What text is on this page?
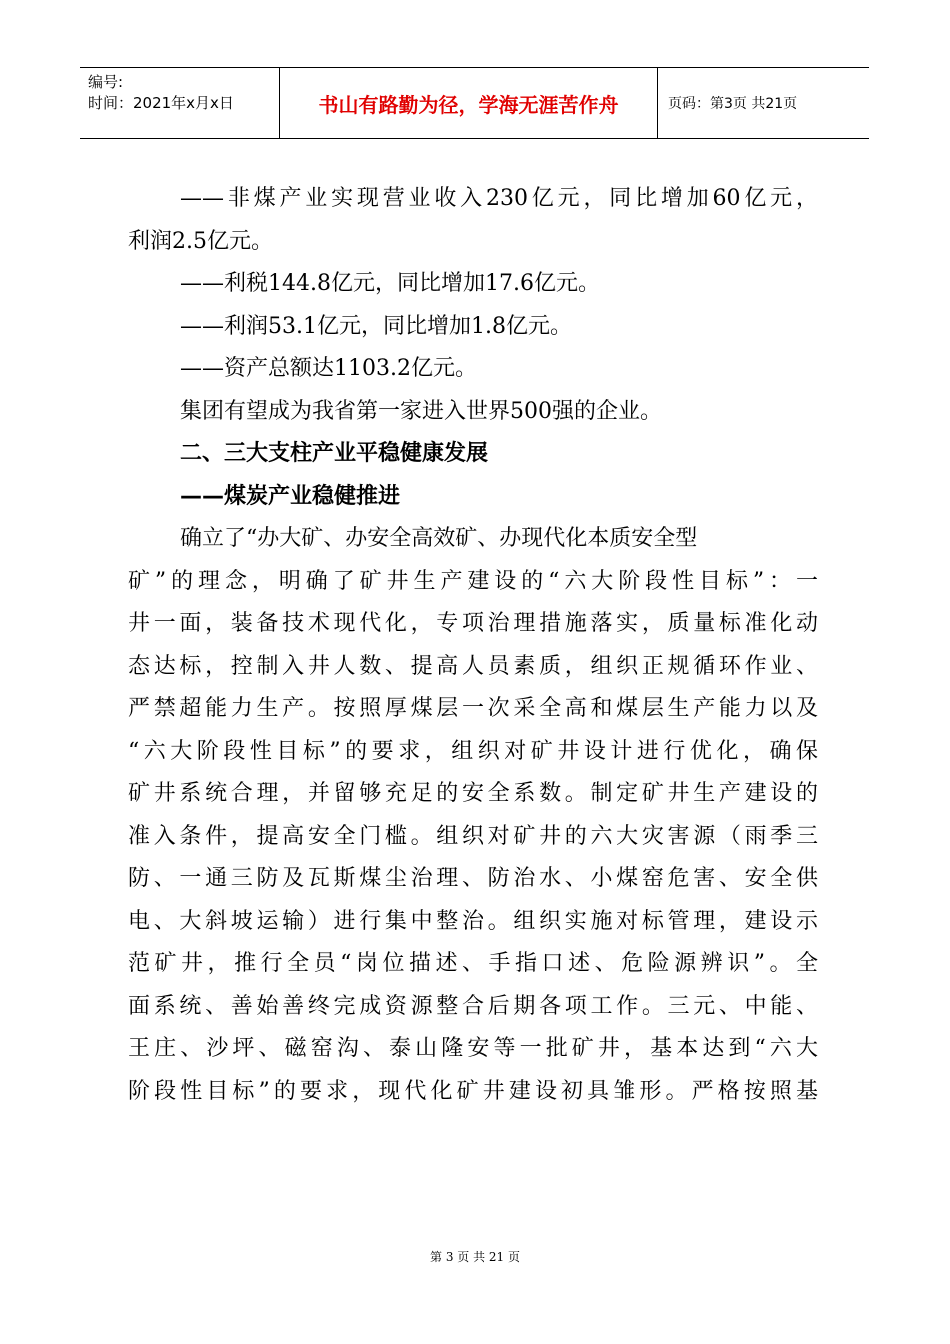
编号:
时间：2021年x月x日	书山有路勤为径，学海无涯苦作舟	页码：第3页 共21页
——非煤产业实现营业收入230亿元，同比增加60亿元，
利润2.5亿元。
——利税144.8亿元，同比增加17.6亿元。
——利润53.1亿元，同比增加1.8亿元。
——资产总额达1103.2亿元。
集团有望成为我省第一家进入世界500强的企业。
二、三大支柱产业平稳健康发展
——煤炭产业稳健推进
确立了“办大矿、办安全高效矿、办现代化本质安全型
矿”的理念，明确了矿井生产建设的“六大阶段性目标”：一
井一面，装备技术现代化，专项治理措施落实，质量标准化动
态达标，控制入井人数、提高人员素质，组织正规循环作业、
严禁超能力生产。按照厚煤层一次采全高和煤层生产能力以及
“六大阶段性目标”的要求，组织对矿井设计进行优化，确保
矿井系统合理，并留够充足的安全系数。制定矿井生产建设的
准入条件，提高安全门槛。组织对矿井的六大灾害源（雨季三
防、一通三防及瓦斯煤尘治理、防治水、小煤窑危害、安全供
电、大斜坡运输）进行集中整治。组织实施对标管理，建设示
范矿井，推行全员“岗位描述、手指口述、危险源辨识”。全
面系统、善始善终完成资源整合后期各项工作。三元、中能、
王庄、沙坪、磁窑沟、泰山隆安等一批矿井，基本达到“六大
阶段性目标”的要求，现代化矿井建设初具雏形。严格按照基
第 3 页 共 21 页
